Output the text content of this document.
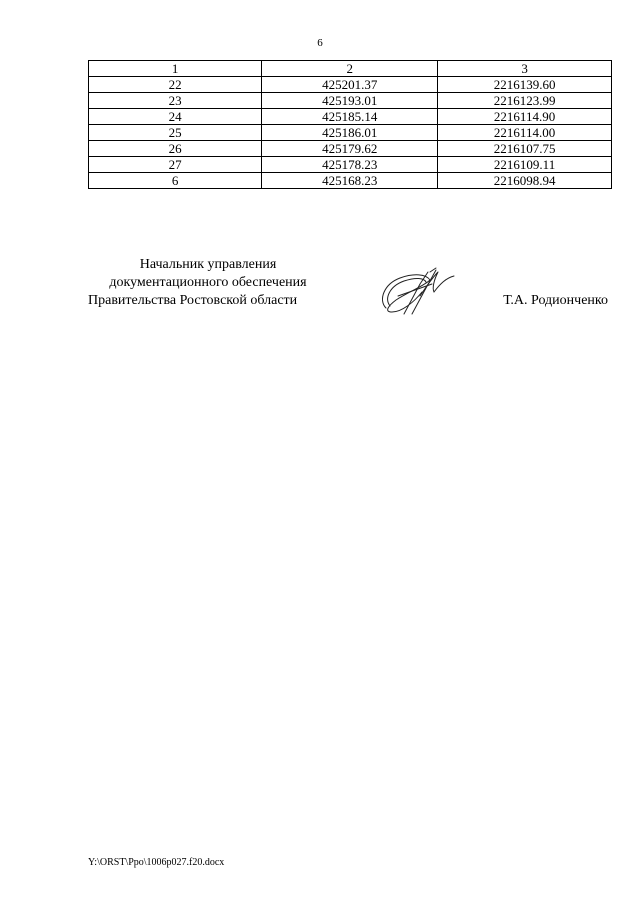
6
1	2	3
22	425201.37	2216139.60
23	425193.01	2216123.99
24	425185.14	2216114.90
25	425186.01	2216114.00
26	425179.62	2216107.75
27	425178.23	2216109.11
6	425168.23	2216098.94
Начальник управления
документационного обеспечения
Правительства Ростовской области	Т.А. Родионченко
Y:\ORST\Ppo\1006p027.f20.docx
